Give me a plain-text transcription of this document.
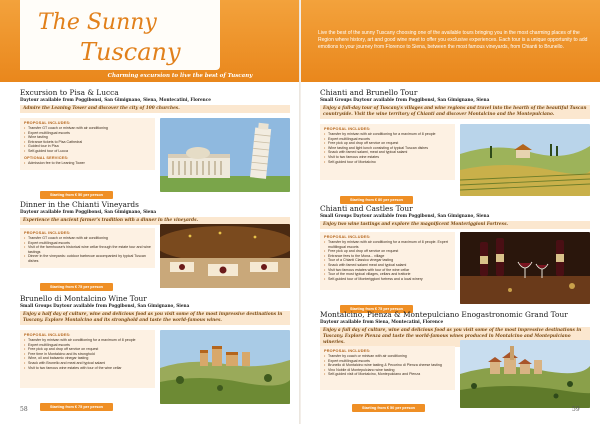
The Sunny
Tuscany
Charming excursion to live the best of Tuscany
Live the best of the sunny Tuscany choosing one of the available tours bringing you in the most charming places of the Region where history, art and good wine meet to offer you exclusive experiences. Each tour is a unique opportunity to add emotions to your journey from Florence to Siena, between the most famous vineyards, from Chianti to Brunello.
Excursion to Pisa & Lucca
Daytour available from Poggibonsi, San Gimignano, Siena, Montecatini, Florence
Admire the Leaning Tower and discover the city of 100 churches.
PROPOSAL INCLUDES:
• Transfer GT coach or minivan with air conditioning
• Expert multilingual escorts
• Wine tasting
• Entrance tickets to Pisa Cathedral
• Guided tour in Pisa
• Self-guided tour of Lucca
OPTIONAL SERVICES:
• Admission fee to the Leaning Tower
Starting from € 50 per person
Dinner in the Chianti Vineyards
Daytour available from Poggibonsi, San Gimignano, Siena
Experience the ancient farmer's tradition with a dinner in the vineyards.
PROPOSAL INCLUDES:
• Transfer GT coach or minivan with air conditioning
• Expert multilingual escorts
• Visit of the farmhouse's historical wine cellar through the estate tour and wine tastings
• Dinner in the vineyards: outdoor barbecue accompanied by typical Tuscan dishes
Starting from € 75 per person
Brunello di Montalcino Wine Tour
Small Groups Daytour available from Poggibonsi, San Gimignano, Siena
Enjoy a half day of culture, wine and delicious food as you visit some of the most impressive destinations in Tuscany. Explore Montalcino and its stronghold and taste the world-famous wines.
PROPOSAL INCLUDES:
• Transfer by minivan with air conditioning for a maximum of 8 people
• Expert multilingual escorts
• Free pick up and drop off service on request
• Free time in Montalcino and its stronghold
• Wine, oil and balsamic vinegar tasting
• Snack with Brunello and meat and typical salami
• Visit to two famous wine estates with tour of the wine cellar
Starting from € 75 per person
58
Chianti and Brunello Tour
Small Groups Daytour available from Poggibonsi, San Gimignano, Siena
Enjoy a full-day tour of Tuscany's villages and wine regions and travel into the hearth of the beautiful Tuscan countryside. Visit the wine territory of Chianti and discover Montalcino and the Montepulciano.
PROPOSAL INCLUDES:
• Transfer by minivan with air conditioning for a maximum of 8 people
• Expert multilingual escorts
• Free pick up and drop off service on request
• Wine tasting and light lunch consisting of typical Tuscan dishes
• Snack with famed salami, meat and typical salami
• Visit to two famous wine estates
• Self-guided tour of Montalcino
Starting from € 80 per person
Chianti and Castles Tour
Small Groups Daytour available from Poggibonsi, San Gimignano, Siena
Enjoy two wine tastings and explore the magnificent Monteriggioni Fortress.
PROPOSAL INCLUDES:
• Transfer by minivan with air conditioning for a maximum of 8 people. Expert multilingual escorts
• Free pick up and drop off service on request
• Entrance fees to the Mona... village
• Tour of a Chianti Classico vinegar tasting
• Snack with famed salami meat and typical salami
• Visit two famous estates with tour of the wine cellar
• Tour of the most typical villages, cellars and trattorie
• Self-guided tour of Monteriggioni fortress and a local winery
Starting from € 75 per person
Montalcino, Pienza & Montepulciano Enogastronomic Grand Tour
Daytour available from Siena, Montecatini, Florence
Enjoy a full day of culture, wine and delicious food as you visit some of the most impressive destinations in Tuscany. Explore Pienza and taste the world-famous wines produced in Montalcino and Montepulciano wineries.
PROPOSAL INCLUDES:
• Transfer by coach or minivan with air conditioning
• Expert multilingual escorts
• Brunello di Montalcino wine tasting & Pecorino di Pienza cheese tasting
• Vino Nobile di Montepulciano wine tasting
• Self-guided visit of Montalcino, Montepulciano and Pienza
Starting from € 50 per person	59
